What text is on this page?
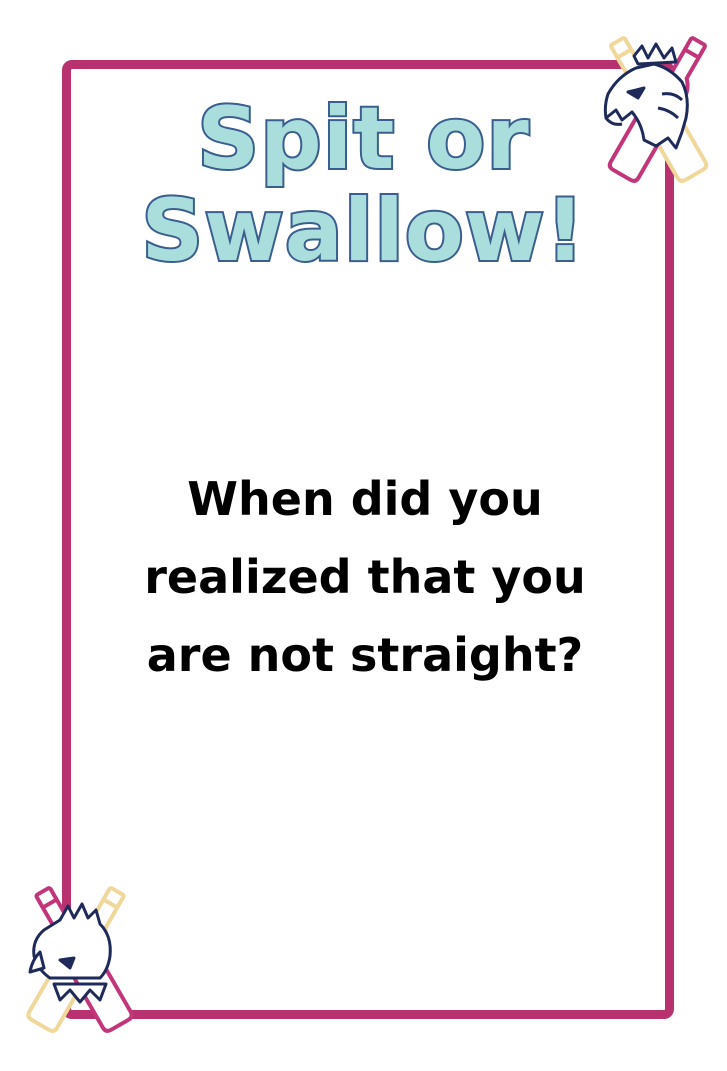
Spit or
Swallow!

When did you
realized that you
are not straight?
